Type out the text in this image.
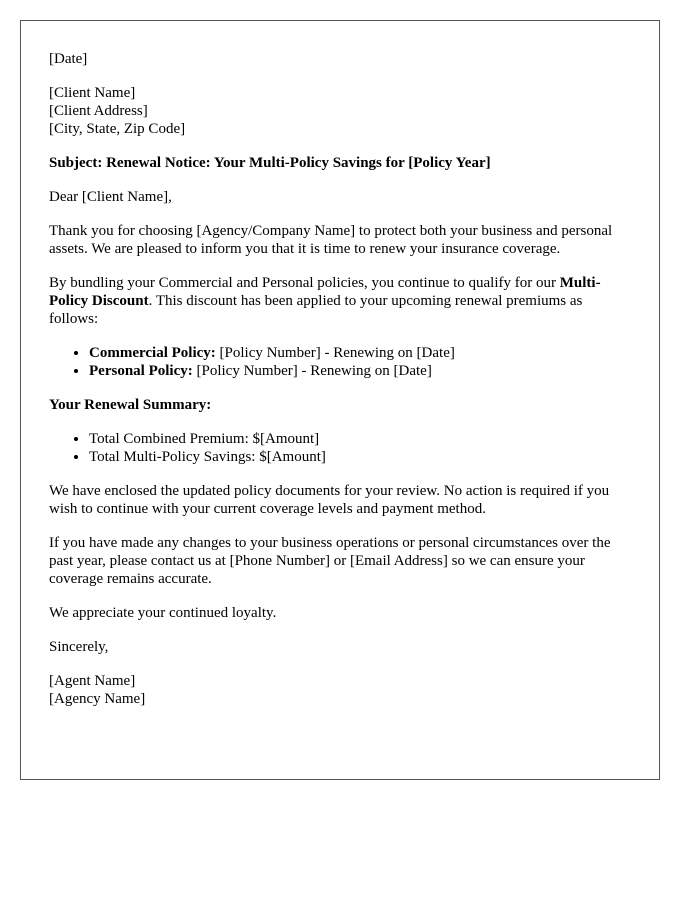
[Date]

[Client Name]

[Client Address]

[City, State, Zip Code]

Subject: Renewal Notice: Your Multi-Policy Savings for [Policy Year]

Dear [Client Name],

Thank you for choosing [Agency/Company Name] to protect both your business and personal assets. We are pleased to inform you that it is time to renew your insurance coverage.

By bundling your Commercial and Personal policies, you continue to qualify for our Multi-Policy Discount. This discount has been applied to your upcoming renewal premiums as follows:

• Commercial Policy: [Policy Number] - Renewing on [Date]
• Personal Policy: [Policy Number] - Renewing on [Date]

Your Renewal Summary:

• Total Combined Premium: $[Amount]
• Total Multi-Policy Savings: $[Amount]

We have enclosed the updated policy documents for your review. No action is required if you wish to continue with your current coverage levels and payment method.

If you have made any changes to your business operations or personal circumstances over the past year, please contact us at [Phone Number] or [Email Address] so we can ensure your coverage remains accurate.

We appreciate your continued loyalty.

Sincerely,

[Agent Name]

[Agency Name]
